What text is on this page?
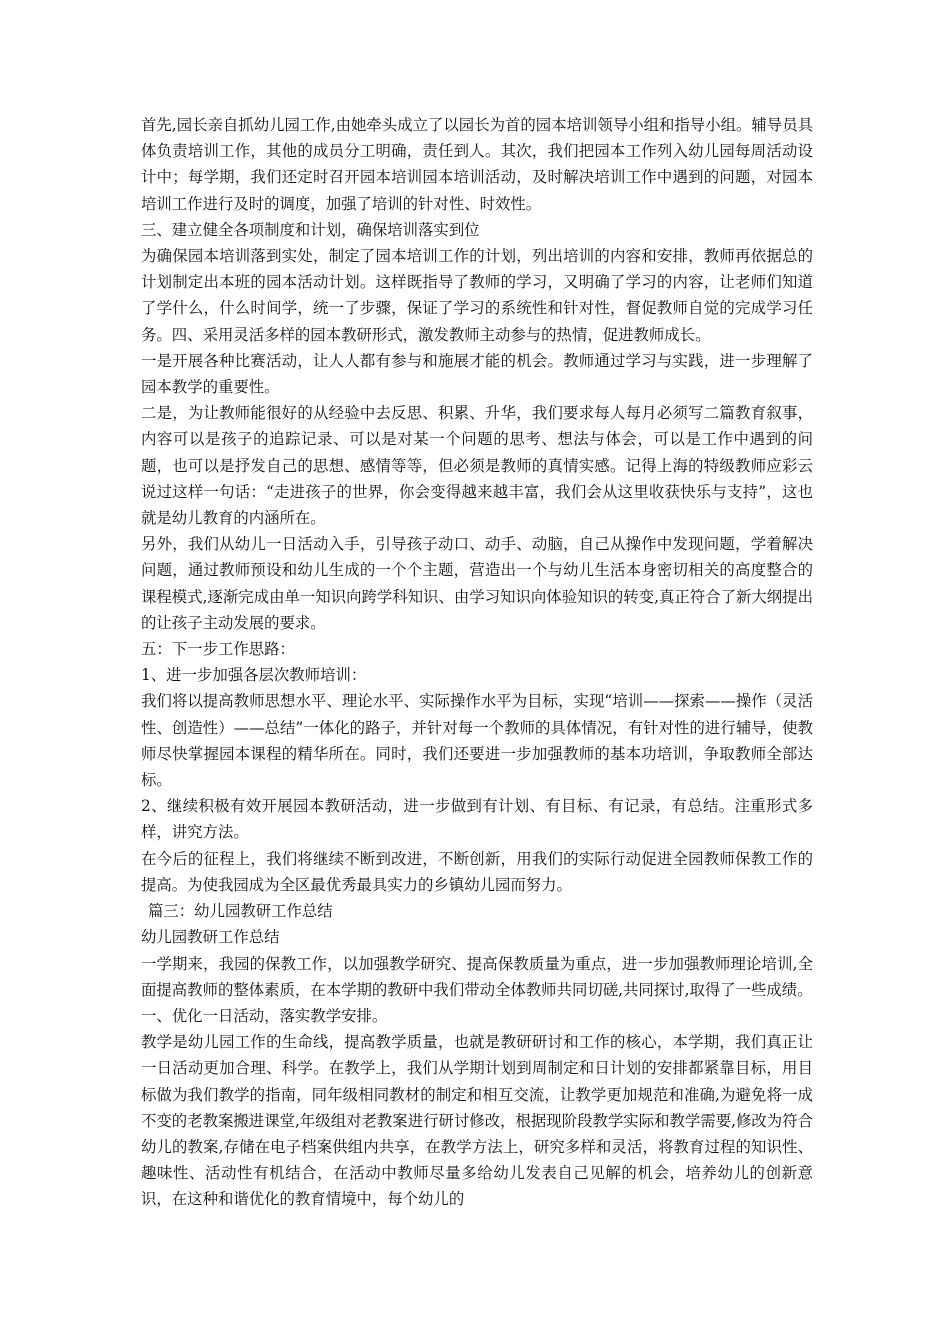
首先,园长亲自抓幼儿园工作,由她牵头成立了以园长为首的园本培训领导小组和指导小组。辅导员具体负责培训工作，其他的成员分工明确，责任到人。其次，我们把园本工作列入幼儿园每周活动设计中；每学期，我们还定时召开园本培训园本培训活动，及时解决培训工作中遇到的问题，对园本培训工作进行及时的调度，加强了培训的针对性、时效性。

三、建立健全各项制度和计划，确保培训落实到位

为确保园本培训落到实处，制定了园本培训工作的计划，列出培训的内容和安排，教师再依据总的计划制定出本班的园本活动计划。这样既指导了教师的学习，又明确了学习的内容，让老师们知道了学什么，什么时间学，统一了步骤，保证了学习的系统性和针对性，督促教师自觉的完成学习任务。四、采用灵活多样的园本教研形式，激发教师主动参与的热情，促进教师成长。

一是开展各种比赛活动，让人人都有参与和施展才能的机会。教师通过学习与实践，进一步理解了园本教学的重要性。

二是，为让教师能很好的从经验中去反思、积累、升华，我们要求每人每月必须写二篇教育叙事，内容可以是孩子的追踪记录、可以是对某一个问题的思考、想法与体会，可以是工作中遇到的问题，也可以是抒发自己的思想、感情等等，但必须是教师的真情实感。记得上海的特级教师应彩云说过这样一句话：“走进孩子的世界，你会变得越来越丰富，我们会从这里收获快乐与支持”，这也就是幼儿教育的内涵所在。

另外，我们从幼儿一日活动入手，引导孩子动口、动手、动脑，自己从操作中发现问题，学着解决问题，通过教师预设和幼儿生成的一个个主题，营造出一个与幼儿生活本身密切相关的高度整合的课程模式,逐渐完成由单一知识向跨学科知识、由学习知识向体验知识的转变,真正符合了新大纲提出的让孩子主动发展的要求。

五：下一步工作思路：

1、进一步加强各层次教师培训：

我们将以提高教师思想水平、理论水平、实际操作水平为目标，实现“培训——探索——操作（灵活性、创造性）——总结”一体化的路子，并针对每一个教师的具体情况，有针对性的进行辅导，使教师尽快掌握园本课程的精华所在。同时，我们还要进一步加强教师的基本功培训，争取教师全部达标。

2、继续积极有效开展园本教研活动，进一步做到有计划、有目标、有记录，有总结。注重形式多样，讲究方法。

在今后的征程上，我们将继续不断到改进，不断创新，用我们的实际行动促进全园教师保教工作的提高。为使我园成为全区最优秀最具实力的乡镇幼儿园而努力。

篇三：幼儿园教研工作总结

幼儿园教研工作总结

一学期来，我园的保教工作，以加强教学研究、提高保教质量为重点，进一步加强教师理论培训,全面提高教师的整体素质，在本学期的教研中我们带动全体教师共同切磋,共同探讨,取得了一些成绩。

一、优化一日活动，落实教学安排。

教学是幼儿园工作的生命线，提高教学质量，也就是教研研讨和工作的核心，本学期，我们真正让一日活动更加合理、科学。在教学上，我们从学期计划到周制定和日计划的安排都紧靠目标，用目标做为我们教学的指南，同年级相同教材的制定和相互交流，让教学更加规范和准确,为避免将一成不变的老教案搬进课堂,年级组对老教案进行研讨修改，根据现阶段教学实际和教学需要,修改为符合幼儿的教案,存储在电子档案供组内共享，在教学方法上，研究多样和灵活，将教育过程的知识性、趣味性、活动性有机结合，在活动中教师尽量多给幼儿发表自己见解的机会，培养幼儿的创新意识，在这种和谐优化的教育情境中，每个幼儿的
